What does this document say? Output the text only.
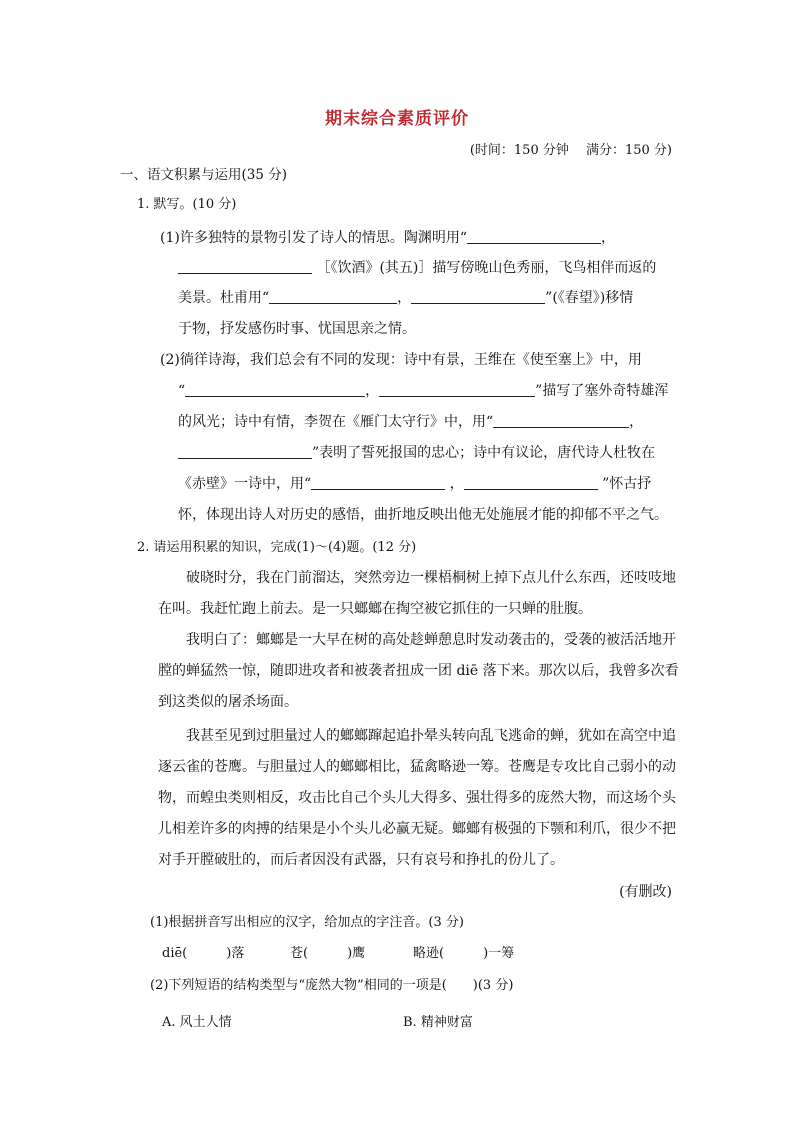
期末综合素质评价
(时间：150 分钟　 满分：150 分)
一、语文积累与运用(35 分)
1. 默写。(10 分)
(1)许多独特的景物引发了诗人的情思。陶渊明用“	，
［《饮酒》(其五)］描写傍晚山色秀丽，飞鸟相伴而返的
美景。杜甫用“	，	”(《春望》)移情
于物，抒发感伤时事、忧国思亲之情。
(2)徜徉诗海，我们总会有不同的发现：诗中有景，王维在《使至塞上》中，用
“	，	”描写了塞外奇特雄浑
的风光；诗中有情，李贺在《雁门太守行》中，用“	，
”表明了誓死报国的忠心；诗中有议论，唐代诗人杜牧在
《赤壁》一诗中，用“	，	”怀古抒
怀，体现出诗人对历史的感悟，曲折地反映出他无处施展才能的抑郁不平之气。
2. 请运用积累的知识，完成(1)～(4)题。(12 分)
破晓时分，我在门前溜达，突然旁边一棵梧桐树上掉下点儿什么东西，还吱吱地
在叫。我赶忙跑上前去。是一只螂螂在掏空被它抓住的一只蝉的肚腹。
我明白了：螂螂是一大早在树的高处趁蝉憩息时发动袭击的，受袭的被活活地开
膛的蝉猛然一惊，随即进攻者和被袭者扭成一团 diē 落下来。那次以后，我曾多次看
到这类似的屠杀场面。
我甚至见到过胆量过人的螂螂蹿起追扑晕头转向乱飞逃命的蝉，犹如在高空中追
逐云雀的苍鹰。与胆量过人的螂螂相比，猛禽略逊一筹。苍鹰是专攻比自己弱小的动
物，而蝗虫类则相反，攻击比自己个头儿大得多、强壮得多的庞然大物，而这场个头
儿相差许多的肉搏的结果是小个头儿必赢无疑。螂螂有极强的下颚和利爪，很少不把
对手开膛破肚的，而后者因没有武器，只有哀号和挣扎的份儿了。
(有删改)
(1)根据拼音写出相应的汉字，给加点的字注音。(3 分)
diē(　　　)落	苍(　　　)鹰	略逊(　　　)一筹
(2)下列短语的结构类型与“庞然大物”相同的一项是(　　)(3 分)
A. 风土人情	B. 精神财富
